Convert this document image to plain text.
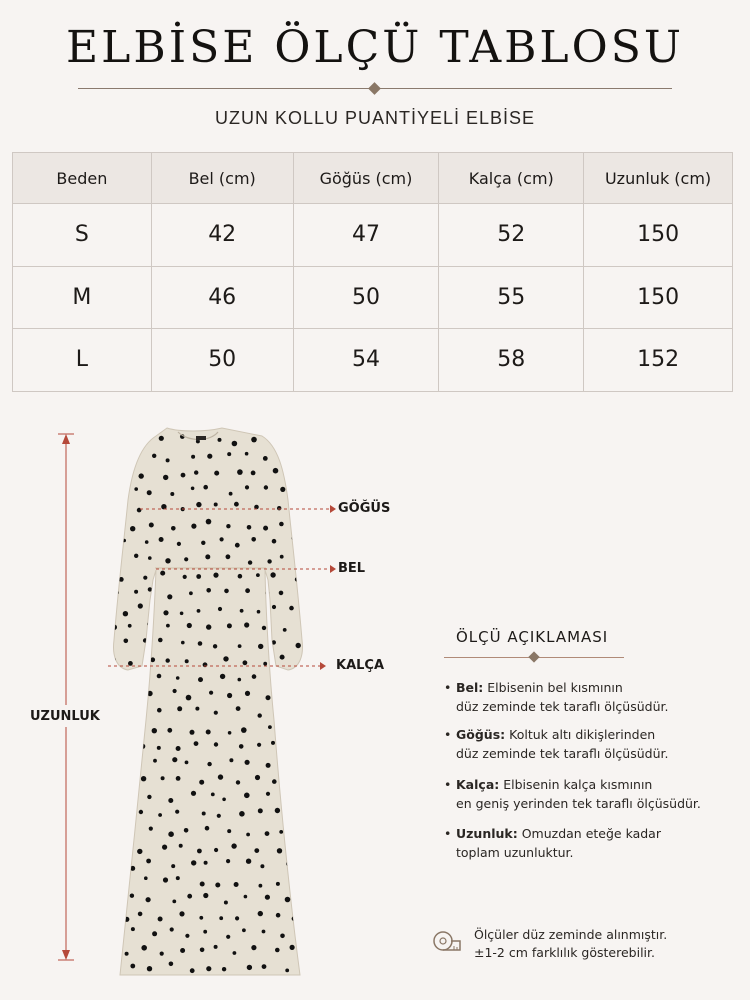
ELBİSE ÖLÇÜ TABLOSU
UZUN KOLLU PUANTİYELİ ELBİSE
Beden	Bel (cm)	Göğüs (cm)	Kalça (cm)	Uzunluk (cm)
S	42	47	52	150
M	46	50	55	150
L	50	54	58	152
GÖĞÜS
BEL
KALÇA
UZUNLUK
ÖLÇÜ AÇIKLAMASI
• Bel: Elbisenin bel kısmının
düz zeminde tek taraflı ölçüsüdür.
• Göğüs: Koltuk altı dikişlerinden
düz zeminde tek taraflı ölçüsüdür.
• Kalça: Elbisenin kalça kısmının
en geniş yerinden tek taraflı ölçüsüdür.
• Uzunluk: Omuzdan eteğe kadar
toplam uzunluktur.
Ölçüler düz zeminde alınmıştır.
±1-2 cm farklılık gösterebilir.
